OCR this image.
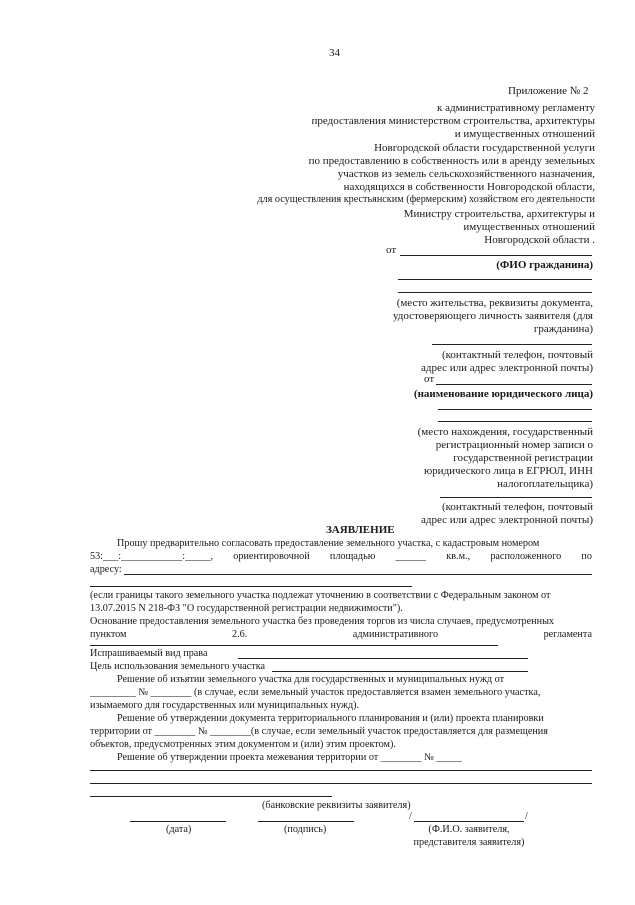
34
Приложение № 2
к административному регламенту
предоставления министерством строительства, архитектуры
и имущественных отношений
Новгородской области государственной услуги
по предоставлению в собственность или в аренду земельных
участков из земель сельскохозяйственного назначения,
находящихся в собственности Новгородской области,
для осуществления крестьянским (фермерским) хозяйством его деятельности
Министру строительства, архитектуры и
имущественных отношений
Новгородской области .
от
(ФИО гражданина)
(место жительства, реквизиты документа,
удостоверяющего личность заявителя (для
гражданина)
(контактный телефон, почтовый
адрес или адрес электронной почты)
от
(наименование юридического лица)
(место нахождения, государственный
регистрационный номер записи о
государственной регистрации
юридического лица в ЕГРЮЛ, ИНН
налогоплательщика)
(контактный телефон, почтовый
адрес или адрес электронной почты)
ЗАЯВЛЕНИЕ
Прошу предварительно согласовать предоставление земельного участка, с кадастровым номером
53:___:____________:_____, ориентировочной площадью ______ кв.м., расположенного по
адресу:
(если границы такого земельного участка подлежат уточнению в соответствии с Федеральным законом от
13.07.2015 N 218-ФЗ "О государственной регистрации недвижимости").
Основание предоставления земельного участка без проведения торгов из числа случаев, предусмотренных
пунктом	2.6.	административного	регламента
Испрашиваемый вид права
Цель использования земельного участка
Решение об изъятии земельного участка для государственных и муниципальных нужд от
_________ № ________ (в случае, если земельный участок предоставляется взамен земельного участка,
изымаемого для государственных или муниципальных нужд).
Решение об утверждении документа территориального планирования и (или) проекта планировки
территории от ________ № ________(в случае, если земельный участок предоставляется для размещения
объектов, предусмотренных этим документом и (или) этим проектом).
Решение об утверждении проекта межевания территории от ________ № _____
(банковские реквизиты заявителя)
/	/
(дата)	(подпись)	(Ф.И.О. заявителя,
представителя заявителя)
